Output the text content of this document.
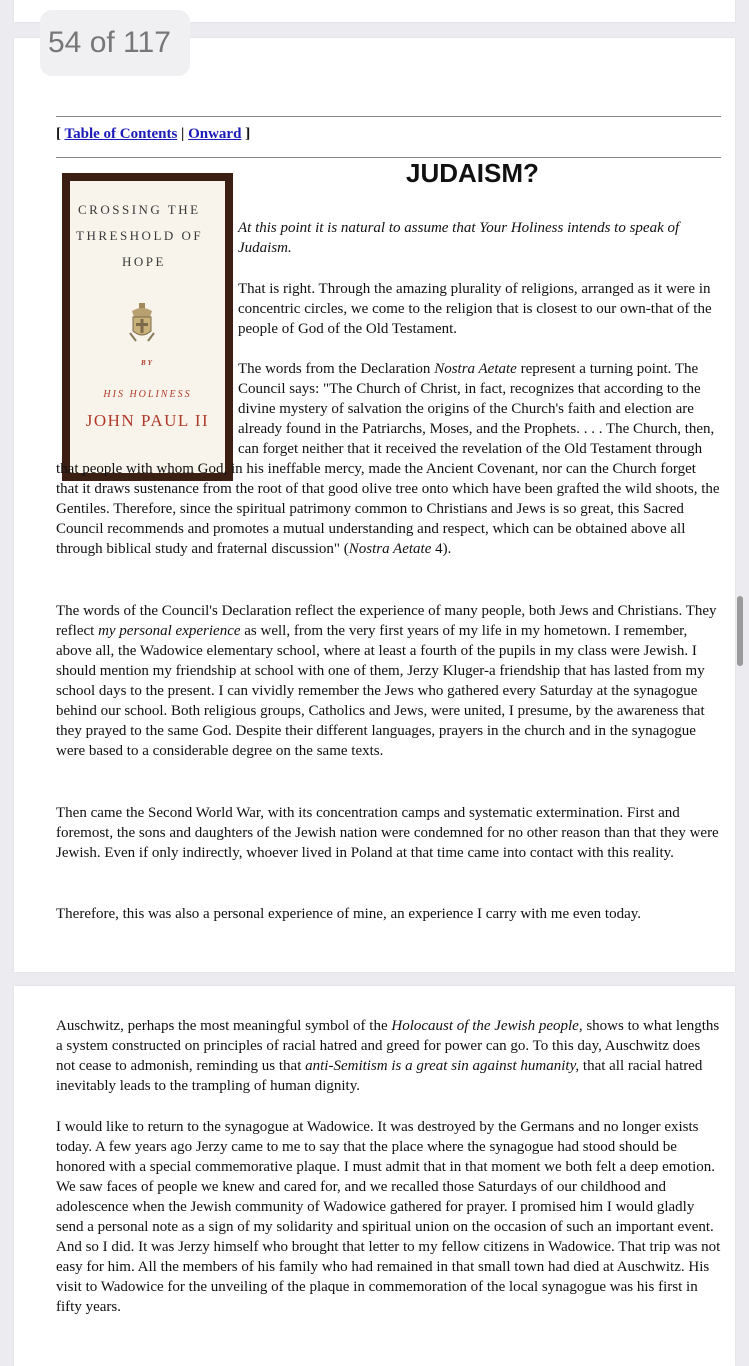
[ Table of Contents | Onward ]
CROSSING THE
THRESHOLD OF
HOPE
BY
HIS HOLINESS
JOHN PAUL II
JUDAISM?
At this point it is natural to assume that Your Holiness intends to speak of Judaism.
That is right. Through the amazing plurality of religions, arranged as it were in concentric circles, we come to the religion that is closest to our own-that of the people of God of the Old Testament.
The words from the Declaration Nostra Aetate represent a turning point. The Council says: "The Church of Christ, in fact, recognizes that according to the divine mystery of salvation the origins of the Church's faith and election are already found in the Patriarchs, Moses, and the Prophets. . . . The Church, then, can forget neither that it received the revelation of the Old Testament through that people with whom God, in his ineffable mercy, made the Ancient Covenant, nor can the Church forget that it draws sustenance from the root of that good olive tree onto which have been grafted the wild shoots, the Gentiles. Therefore, since the spiritual patrimony common to Christians and Jews is so great, this Sacred Council recommends and promotes a mutual understanding and respect, which can be obtained above all through biblical study and fraternal discussion" (Nostra Aetate 4).
The words of the Council's Declaration reflect the experience of many people, both Jews and Christians. They reflect my personal experience as well, from the very first years of my life in my hometown. I remember, above all, the Wadowice elementary school, where at least a fourth of the pupils in my class were Jewish. I should mention my friendship at school with one of them, Jerzy Kluger-a friendship that has lasted from my school days to the present. I can vividly remember the Jews who gathered every Saturday at the synagogue behind our school. Both religious groups, Catholics and Jews, were united, I presume, by the awareness that they prayed to the same God. Despite their different languages, prayers in the church and in the synagogue were based to a considerable degree on the same texts.
Then came the Second World War, with its concentration camps and systematic extermination. First and foremost, the sons and daughters of the Jewish nation were condemned for no other reason than that they were Jewish. Even if only indirectly, whoever lived in Poland at that time came into contact with this reality.
Therefore, this was also a personal experience of mine, an experience I carry with me even today.
54 of 117
Auschwitz, perhaps the most meaningful symbol of the Holocaust of the Jewish people, shows to what lengths a system constructed on principles of racial hatred and greed for power can go. To this day, Auschwitz does not cease to admonish, reminding us that anti-Semitism is a great sin against humanity, that all racial hatred inevitably leads to the trampling of human dignity.
I would like to return to the synagogue at Wadowice. It was destroyed by the Germans and no longer exists today. A few years ago Jerzy came to me to say that the place where the synagogue had stood should be honored with a special commemorative plaque. I must admit that in that moment we both felt a deep emotion. We saw faces of people we knew and cared for, and we recalled those Saturdays of our childhood and adolescence when the Jewish community of Wadowice gathered for prayer. I promised him I would gladly send a personal note as a sign of my solidarity and spiritual union on the occasion of such an important event. And so I did. It was Jerzy himself who brought that letter to my fellow citizens in Wadowice. That trip was not easy for him. All the members of his family who had remained in that small town had died at Auschwitz. His visit to Wadowice for the unveiling of the plaque in commemoration of the local synagogue was his first in fifty years.
